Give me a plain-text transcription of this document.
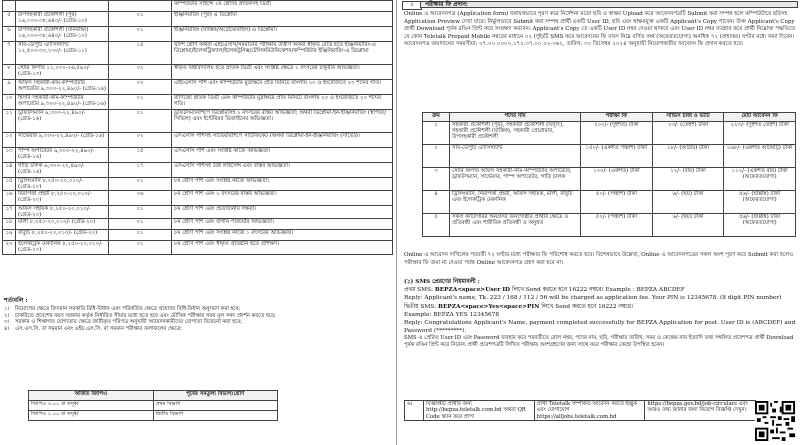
			কম্পিউটার সাইন্সে ২য় শ্রেণির স্নাতকসহ ডিগ্রী
৫	উপসহকারী প্রকৌশলী (পুর) ১৬,০০০-৩৮,৬৪০/- (গ্রেড-১০)	০১	ইঞ্জিনিয়ারিং (পুর) এ ডিপ্লোমা
৬	উপসহকারী প্রকৌশলী (যানবাহন) ১৬,০০০-৩৮,৬৪০/- (গ্রেড-১০)	০১	ইঞ্জিনিয়ারিং (যান্ত্রিক/অটোমোবাইল) এ ডিপ্লোমা।
৭	সাব-ডেপুটি এ্যাসিস্ট্যান্ট ১২,৫০০-৩০,২৩০/- (গ্রেড-১১)	১৫	দ্বাদশ শ্রেণি অথবা এইচএসসি/সমমানের পরীক্ষায় উত্তীর্ণ অথবা স্বীকৃত বোর্ড হতে ইঞ্জিনিয়ারিং-এ ডিপ্লোমা/ইলেকট্রিক্যাল/ইলেকট্রনিক্স/টেলিকমিউনিকেশন/কম্পিউটার ইঞ্জিনিয়ারিং-এ ডিপ্লোমা
৮	স্টোর কিপার ১১,০০০-২৬,৫৯০/- (গ্রেড-১৩)	০২	স্বীকৃত বিশ্ববিদ্যালয় হতে স্নাতক ডিগ্রী এবং সংশ্লিষ্ট ক্ষেত্রে ২ বৎসরের চাকুরীর অভিজ্ঞতা।
৯	অফিস সহকারী-কাম-কম্পিউটার অপারেটর ৯,৩০০-২২,৪৯০/- (গ্রেড-১৬)	০২	এইচএসসি পাশ এবং কম্পিউটার মুদ্রাক্ষরে প্রতি মিনিটে বাংলায় ২০ ও ইংরেজিতে ২০ শব্দের গতি।
১০	হিসাব সহকারী-কাম-কম্পিউটার অপারেটর ৯,৩০০-২২,৪৯০/- (গ্রেড-১৬)	০১	বাণিজ্যে স্নাতক ডিগ্রী এবং কম্পিউটার মুদ্রাক্ষরে প্রতি মিনিটে বাংলায় ২০ ও ইংরেজিতে ২০ শব্দের গতি।
১১	ড্রাফটসম্যান ৯,৩০০-২২,৪৯০/- (গ্রেড-১৬)	০১	ড্রাফটসম্যানশিপে ডিপ্লোমাসহ ১ বৎসরের বাস্তব অভিজ্ঞতা; অথবা ডিপ্লোমা-ইন-ইঞ্জিনিয়ারিং (স্থাপত্য/সিভিল) এবং ইন্টেরিয়র ডিজাইনের অভিজ্ঞতা।
১২	সার্ভেয়ার ৯,৩০০-২২,৪৯০/- (গ্রেড-১৬)	০২	এসএসসি পাশসহ সার্ভেয়ারশিপে সার্টিফিকেট (অথবা ডিপ্লোমা-ইন-ইঞ্জিনিয়ারিং (সার্ভে))।
১৩	পাম্প অপারেটর ৯,৩০০-২২,৪৯০/- (গ্রেড-১৬)	১৫	এসএসসি পাশ এবং সংশ্লিষ্ট কাজে অভিজ্ঞতা।
১৪	গাড়ি চালক ৯,৩০০-২২,৪৯০/- (গ্রেড-১৬)	১৭	এসএসসি পাশসহ বৈধ লাইসেন্স এবং বাস্তব অভিজ্ঞতা।
১৫	ড্রিলিংম্যান ৮,২৫০-২০,০১০/- (গ্রেড-২০)	০১	৮ম শ্রেণি পাশ এবং সংশ্লিষ্ট কাজে অভিজ্ঞতা।
১৬	নিরাপত্তা প্রহরী ৮,২৫০-২০,০১০/- (গ্রেড-২০)	০৬	৮ম শ্রেণি পাশ এবং ২ বৎসরের বাস্তব অভিজ্ঞতা।
১৭	অফিস সহায়ক ৮,২৫০-২০,০১০/- (গ্রেড-২০)	০১	৮ম শ্রেণি পাশ এবং প্রয়োজনীয় দক্ষতা।
১৮	মালী ৮,২৫০-২০,০১০/- (গ্রেড-২০)	০১	৮ম শ্রেণি পাশ এবং বাগান পরিচর্যার অভিজ্ঞতা।
১৯	বাবুর্চি ৮,২৫০-২০,০১০/- (গ্রেড-২০)	০১	৮ম শ্রেণি পাশ এবং সংশ্লিষ্ট কাজে ১ বৎসরের অভিজ্ঞতা।
২০	ইলেকট্রিক মেকানিক ৮,২৫০-২০,০১০/- (গ্রেড-২০)	০১	৮ম শ্রেণি পাশ এবং স্বীকৃত প্রতিষ্ঠান হতে প্রশিক্ষণ।
শর্তাবলি :
১।	নিয়োগের ক্ষেত্রে বিদ্যমান সরকারি বিধি-বিধান এবং পরিবর্তিত ক্ষেত্রে প্রযোজ্য বিধি-বিধান অনুসরণ করা হবে;
২।	চাকরিতে প্রবেশের বয়স সরকার কর্তৃক নির্ধারিত সীমার মধ্যে হতে হবে এবং মৌখিক পরীক্ষার সময় মূল সনদ প্রদর্শন করতে হবে;
৩।	সরকার ও শিক্ষাগত যোগ্যতার ক্ষেত্রে জারীকৃত পরিপত্র অনুযায়ী আবেদনকারীদের যোগ্যতা বিবেচনা করা হবে;
৪।	এস.এস.সি. বা সমমান এবং এইচ.এস.সি. বা সমমান পরীক্ষার ফলাফলের ক্ষেত্রে:
অর্জিত জিপিএ	পূর্বের সমতুল্য বিভাগ/শ্রেণি
জিপিএ ৩.০০ বা তদূর্ধ্ব	প্রথম বিভাগ
জিপিএ ২.০০ বা তদূর্ধ্ব	দ্বিতীয় বিভাগ
৫	পরীক্ষার ফি প্রদান:
Online এ আবেদনপত্র (Application form) যথাযথভাবে পূরণ করে নির্দেশনা মতো ছবি ও স্বাক্ষর Upload করে আবেদনপত্রটি Submit করা সম্পন্ন হলে কম্পিউটারে ছবিসহ Application Preview দেখা যাবে। নির্ভুলভাবে Submit করা সম্পন্ন প্রার্থী একটি User ID, ছবি এবং স্বাক্ষরযুক্ত একটি Applicant's Copy পাবেন। উক্ত Applicant's Copy প্রার্থী Download পূর্বক রঙিন প্রিন্ট করে সংরক্ষণ করবেন। Applicant's Copy তে একটি User ID নম্বর দেওয়া থাকবে এবং User ID নম্বর ব্যবহার করে প্রার্থী নিম্নোক্ত পদ্ধতিতে যে কোন Teletalk Prepaid Mobile নম্বরের মাধ্যমে ০২ (দুই)টি SMS করে আবেদনের ফি বাবদ নিম্নে বর্ণিত অর্থ (অফেরতযোগ্য) অনধিক ৭২ (বাহাত্তর) ঘণ্টার মধ্যে জমা দিবেন। আবেদনপত্র জমাদানের সময়সীমা: ০৭.০০.০০০০,১৭২.৩৭.০০.০২-৩৬২, তারিখ: ৩০ ডিসেম্বর ২০২৪ অনুযায়ী নিয়োগকারীর আবেদন ফি প্রদান করতে হবে:
ক্রম	পদের নাম	পরীক্ষা ফি	সার্ভিস চার্জ ও ভ্যাট	মোট আবেদন ফি
১	সহকারী প্রকৌশলী (পুর), সহকারী প্রকৌশলী (বিদ্যুৎ), সহকারী প্রকৌশলী (যান্ত্রিক), সহকারী প্রোগ্রামার, উপসহকারী প্রকৌশলী	২০০/- (দুইশত) টাকা	২৩/- (তেইশ) টাকা	২২৩/- (দুইশত তেইশ) টাকা
২	সাব-ডেপুটি এ্যাসিস্ট্যান্ট	১৫০/- (একশত পঞ্চাশ) টাকা	১৮/- (আঠার) টাকা	১৬৮/- (একশত আটষট্টি) টাকা
৩	স্টোর কিপার অফিস সহকারী-কাম-কম্পিউটার অপারেটর, ড্রাফটসম্যান, সার্ভেয়ার, পাম্প অপারেটর, গাড়ি চালক	১০০/- (একশত) টাকা	১২/- (বার) টাকা	১১২/- (একশত বার) টাকা (অফেরতযোগ্য)
৪	ড্রিলিংম্যান, নিরাপত্তা প্রহরী, অফিস সহায়ক, মালী, বাবুর্চি এবং ইলেকট্রিক মেকানিক	৫০/- (পঞ্চাশ) টাকা	৬/- (ছয়) টাকা	৫৬/- (ছাপ্পান্ন) টাকা (অফেরতযোগ্য)
৫	সকল ক্যাটাগরির অনগ্রসর জনগোষ্ঠীর প্রার্থীর ক্ষেত্রে ও প্রতিবন্ধী এবং শারীরিক প্রতিবন্ধী ও অনুন্নত	৫০/- (পঞ্চাশ) টাকা	৬/- (ছয়) টাকা	৫৬/- (ছাপ্পান্ন) টাকা (অফেরতযোগ্য)
Online এ আবেদন দাখিলের পরবর্তী ৭২ ঘণ্টার মধ্যে পরীক্ষার ফি পরিশোধ করতে হবে। বিশেষভাবে উল্লেখ্য, Online এ আবেদনপত্রের সকল অংশ পূরণ করে Submit করা হলেও পরীক্ষার ফি জমা না দেওয়া পর্যন্ত Online আবেদনপত্র গ্রহণ করা হবে না।
(১) SMS প্রেরণের নিয়মাবলী :
প্রথম SMS: BEPZA<space>User ID লিখে Send করতে হবে 16222 নম্বরে। Example : BEPZA ABCDEF
Reply: Applicant's name, Tk. 223 / 168 / 112 / 56 will be charged as application fee. Your PIN is 12345678. (8 digit PIN number)
দ্বিতীয় SMS: BEPZA<space>Yes<space>PIN লিখে Send করতে হবে 16222 নম্বরে।
Example: BEPZA YES 12345678
Reply: Congratulations Applicant's Name, payment completed successfully for BEPZA Application for post. User ID is (ABCDEF) and Password (*********).
SMS এ প্রেরিত User ID এবং Password ব্যবহার করে পরবর্তীতে রোল নম্বর, পদের নাম, ছবি, পরীক্ষার তারিখ, সময় ও কেন্দ্রের নাম ইত্যাদি তথ্য সম্বলিত প্রবেশপত্র প্রার্থী Download পূর্বক রঙিন প্রিন্ট করে নিবেন। প্রার্থী প্রবেশপত্রটি লিখিত পরীক্ষায় অংশগ্রহণের জন্য সাথে করে পরীক্ষার কেন্দ্রে উপস্থিত হবেন।
৬।	বিজ্ঞপ্তিটি প্রার্থীর জন্য http://bepza.teletalk.com.bd অথবা QR Code স্ক্যান করে প্রাপ্য	প্রার্থী Teletalk সম্পর্কিত আবেদন করতে ইচ্ছুক এবং যোগাযোগ https://alljobs.teletalk.com.bd	https://bepza.gov.bd/job-circulars এবং আরও তথ্য জানার জন্য নিয়োগ বিজ্ঞপ্তি দেখুন।
